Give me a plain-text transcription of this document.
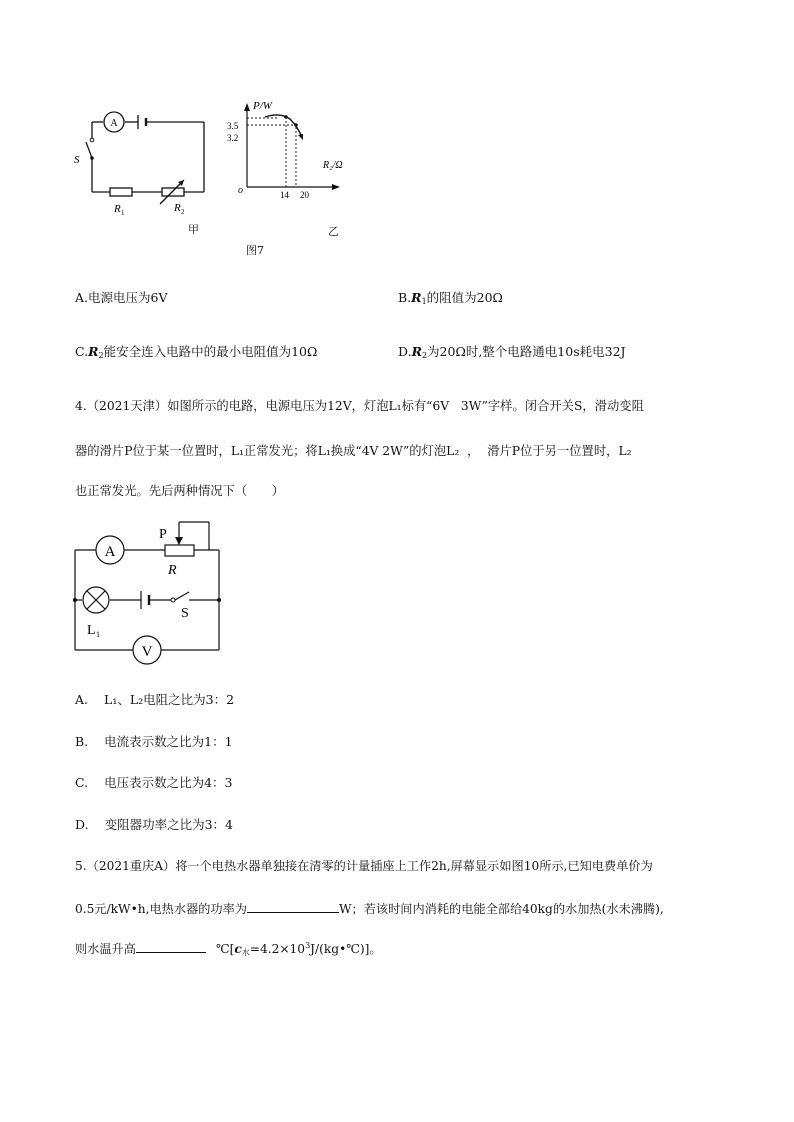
A
S
R 1	R 2
P/W
R₂/Ω
o
3.5
3.2
14 20
甲	乙
图7
A.电源电压为6V	$B.R_1$的阻值为20Ω
$C.R_2$能安全连入电路中的最小电阻值为10Ω	$D.R_2$为20Ω时,整个电路通电10s耗电32J
4.（2021天津）如图所示的电路，电源电压为12V，灯泡L₁标有“6V   3W”字样。闭合开关S，滑动变阻
器的滑片P位于某一位置时，L₁正常发光；将L₁换成“4V 2W”的灯泡L₂  ，  滑片P位于另一位置时，L₂
也正常发光。先后两种情况下（　　）
A
V
P
R
S
L 1
A. L₁、L₂电阻之比为3：2
B. 电流表示数之比为1：1
C. 电压表示数之比为4：3
D. 变阻器功率之比为3：4
5.（2021重庆A）将一个电热水器单独接在清零的计量插座上工作2h,屏幕显示如图10所示,已知电费单价为
0.5元/kW•h,电热水器的功率为	W；若该时间内消耗的电能全部给40kg的水加热(水未沸腾),
则水温升高	$℃[c_水=4.2\times 10^3J/(kg•℃)]$。
